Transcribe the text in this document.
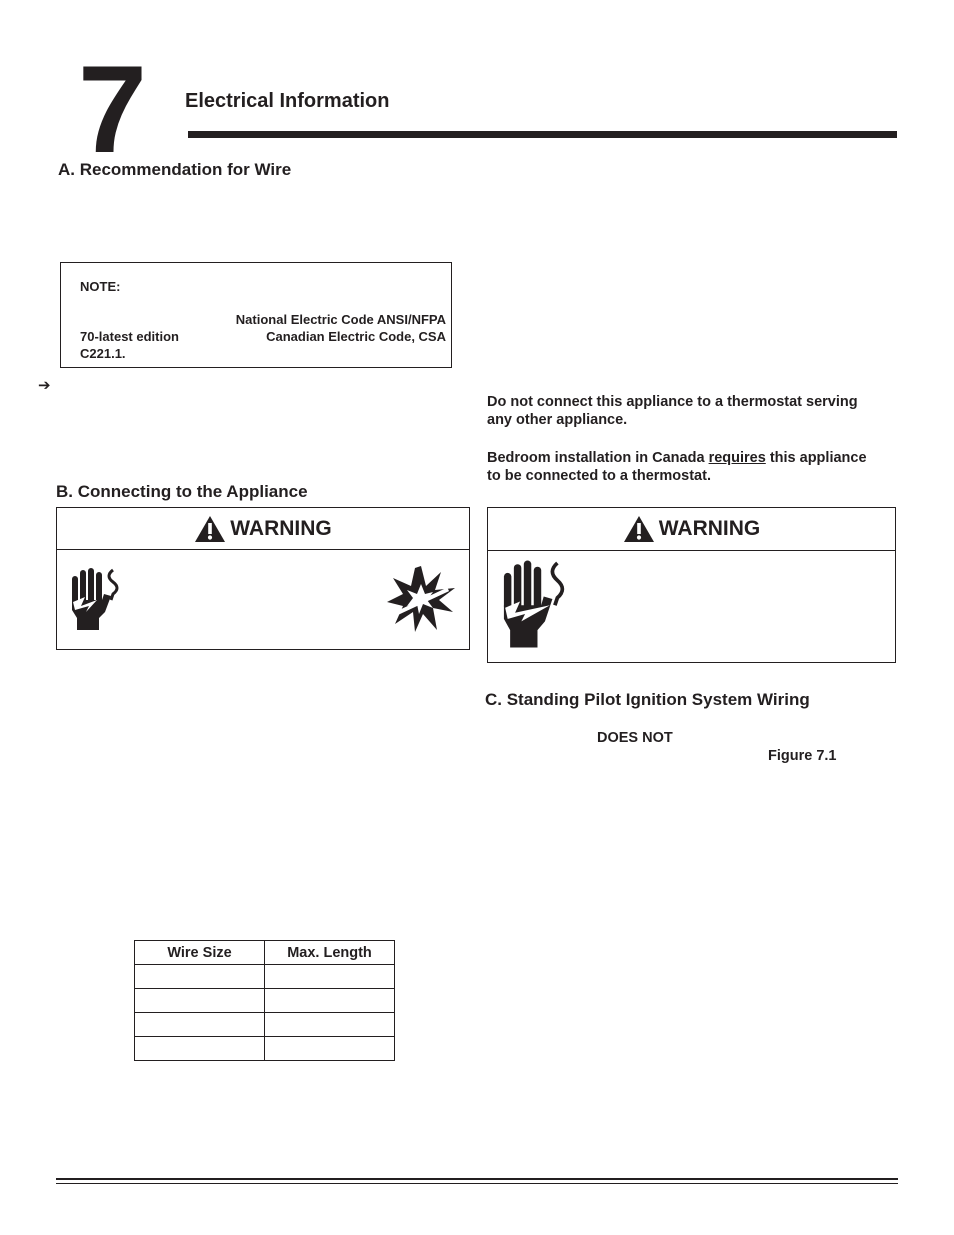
7 Electrical Information
A. Recommendation for Wire
NOTE:
National Electric Code ANSI/NFPA
70-latest edition	Canadian Electric Code, CSA
C221.1.
➔
Do not connect this appliance to a thermostat serving
any other appliance.
Bedroom installation in Canada requires this appliance
to be connected to a thermostat.
B. Connecting to the Appliance
WARNING	WARNING
C. Standing Pilot Ignition System Wiring
DOES NOT
Figure 7.1
Wire Size	Max. Length
